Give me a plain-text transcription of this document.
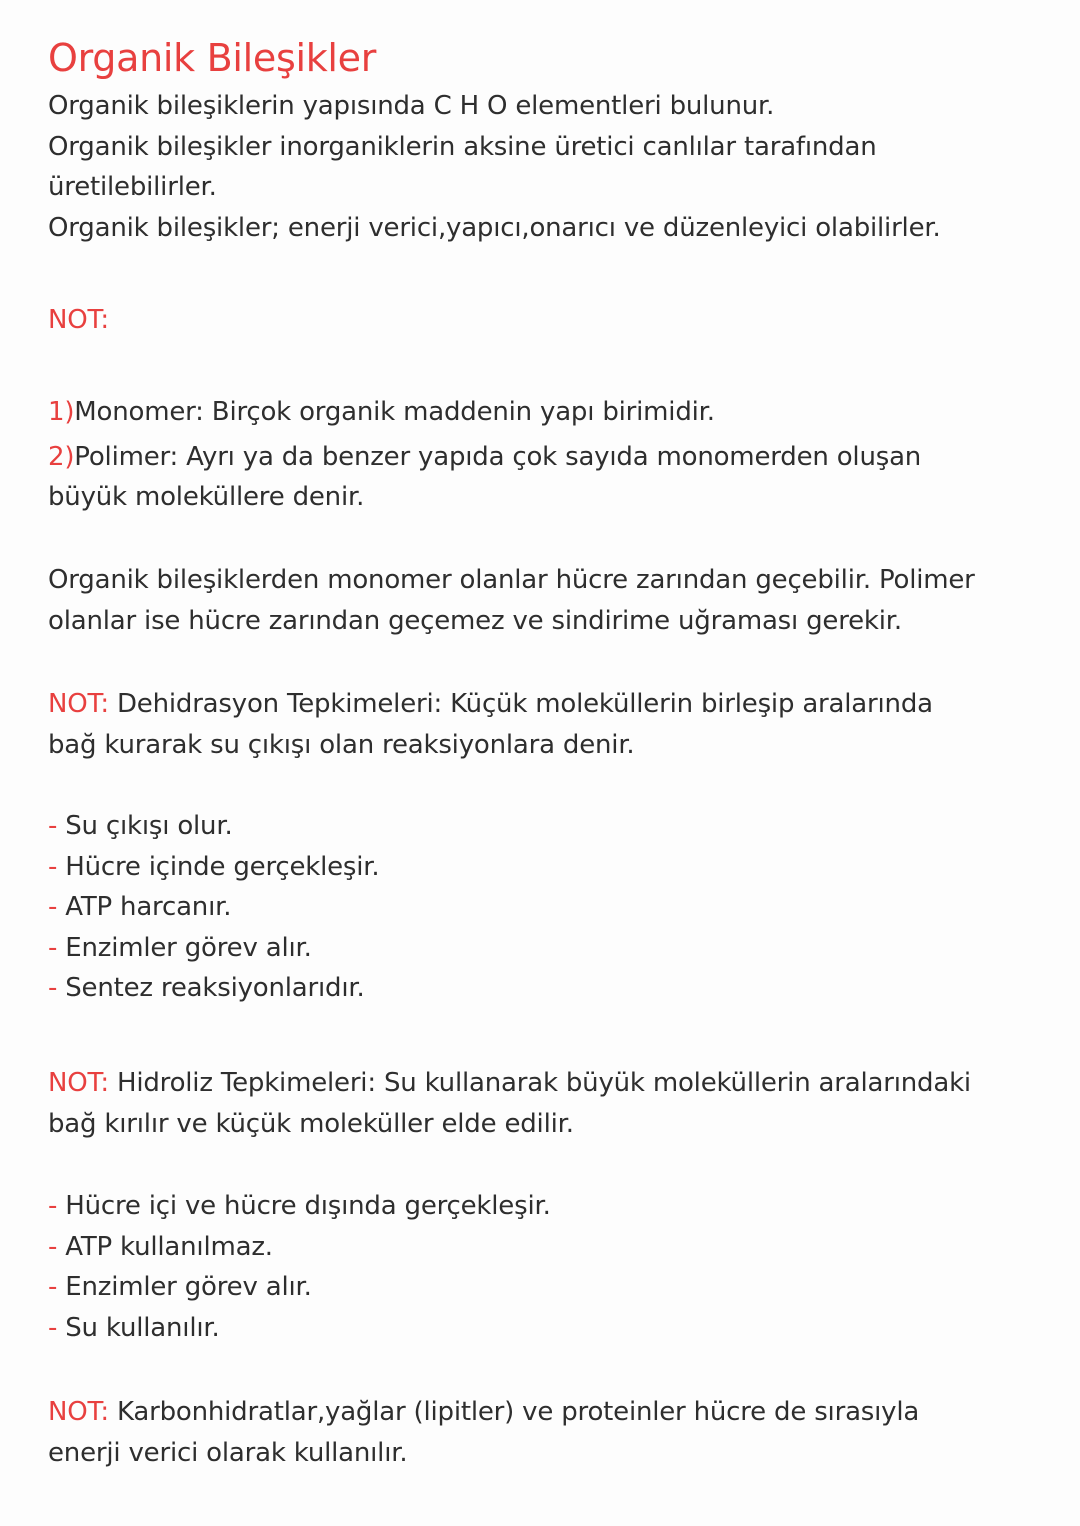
Organik Bileşikler
Organik bileşiklerin yapısında C H O elementleri bulunur.
Organik bileşikler inorganiklerin aksine üretici canlılar tarafından
üretilebilirler.
Organik bileşikler; enerji verici,yapıcı,onarıcı ve düzenleyici olabilirler.
NOT:
1)Monomer: Birçok organik maddenin yapı birimidir.
2)Polimer: Ayrı ya da benzer yapıda çok sayıda monomerden oluşan
büyük moleküllere denir.
Organik bileşiklerden monomer olanlar hücre zarından geçebilir. Polimer
olanlar ise hücre zarından geçemez ve sindirime uğraması gerekir.
NOT: Dehidrasyon Tepkimeleri: Küçük moleküllerin birleşip aralarında
bağ kurarak su çıkışı olan reaksiyonlara denir.
- Su çıkışı olur.
- Hücre içinde gerçekleşir.
- ATP harcanır.
- Enzimler görev alır.
- Sentez reaksiyonlarıdır.
NOT: Hidroliz Tepkimeleri: Su kullanarak büyük moleküllerin aralarındaki
bağ kırılır ve küçük moleküller elde edilir.
- Hücre içi ve hücre dışında gerçekleşir.
- ATP kullanılmaz.
- Enzimler görev alır.
- Su kullanılır.
NOT: Karbonhidratlar,yağlar (lipitler) ve proteinler hücre de sırasıyla
enerji verici olarak kullanılır.
